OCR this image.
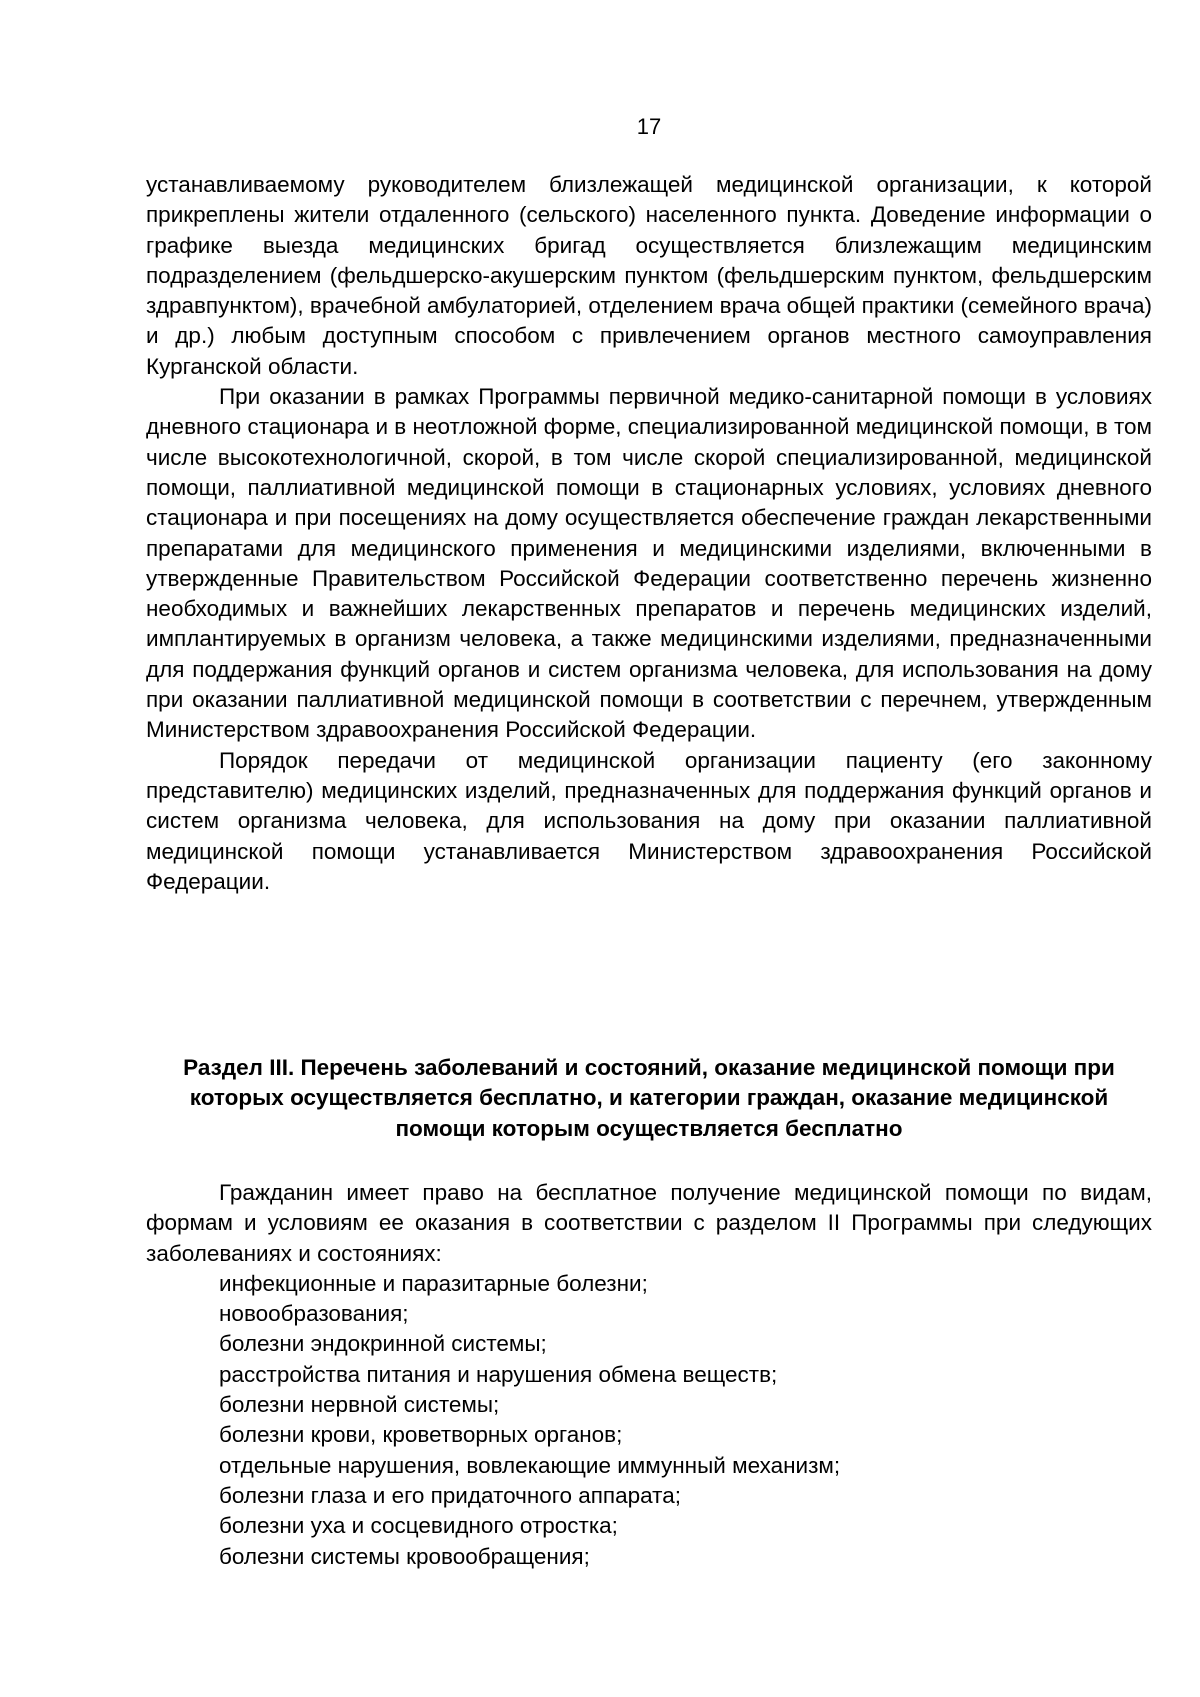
17

устанавливаемому руководителем близлежащей медицинской организации, к которой прикреплены жители отдаленного (сельского) населенного пункта. Доведение информации о графике выезда медицинских бригад осуществляется близлежащим медицинским подразделением (фельдшерско-акушерским пунктом (фельдшерским пунктом, фельдшерским здравпунктом), врачебной амбулаторией, отделением врача общей практики (семейного врача) и др.) любым доступным способом с привлечением органов местного самоуправления Курганской области.

При оказании в рамках Программы первичной медико-санитарной помощи в условиях дневного стационара и в неотложной форме, специализированной медицинской помощи, в том числе высокотехнологичной, скорой, в том числе скорой специализированной, медицинской помощи, паллиативной медицинской помощи в стационарных условиях, условиях дневного стационара и при посещениях на дому осуществляется обеспечение граждан лекарственными препаратами для медицинского применения и медицинскими изделиями, включенными в утвержденные Правительством Российской Федерации соответственно перечень жизненно необходимых и важнейших лекарственных препаратов и перечень медицинских изделий, имплантируемых в организм человека, а также медицинскими изделиями, предназначенными для поддержания функций органов и систем организма человека, для использования на дому при оказании паллиативной медицинской помощи в соответствии с перечнем, утвержденным Министерством здравоохранения Российской Федерации.

Порядок передачи от медицинской организации пациенту (его законному представителю) медицинских изделий, предназначенных для поддержания функций органов и систем организма человека, для использования на дому при оказании паллиативной медицинской помощи устанавливается Министерством здравоохранения Российской Федерации.

Раздел III. Перечень заболеваний и состояний, оказание медицинской помощи при которых осуществляется бесплатно, и категории граждан, оказание медицинской помощи которым осуществляется бесплатно

Гражданин имеет право на бесплатное получение медицинской помощи по видам, формам и условиям ее оказания в соответствии с разделом II Программы при следующих заболеваниях и состояниях:

инфекционные и паразитарные болезни;
новообразования;
болезни эндокринной системы;
расстройства питания и нарушения обмена веществ;
болезни нервной системы;
болезни крови, кроветворных органов;
отдельные нарушения, вовлекающие иммунный механизм;
болезни глаза и его придаточного аппарата;
болезни уха и сосцевидного отростка;
болезни системы кровообращения;
